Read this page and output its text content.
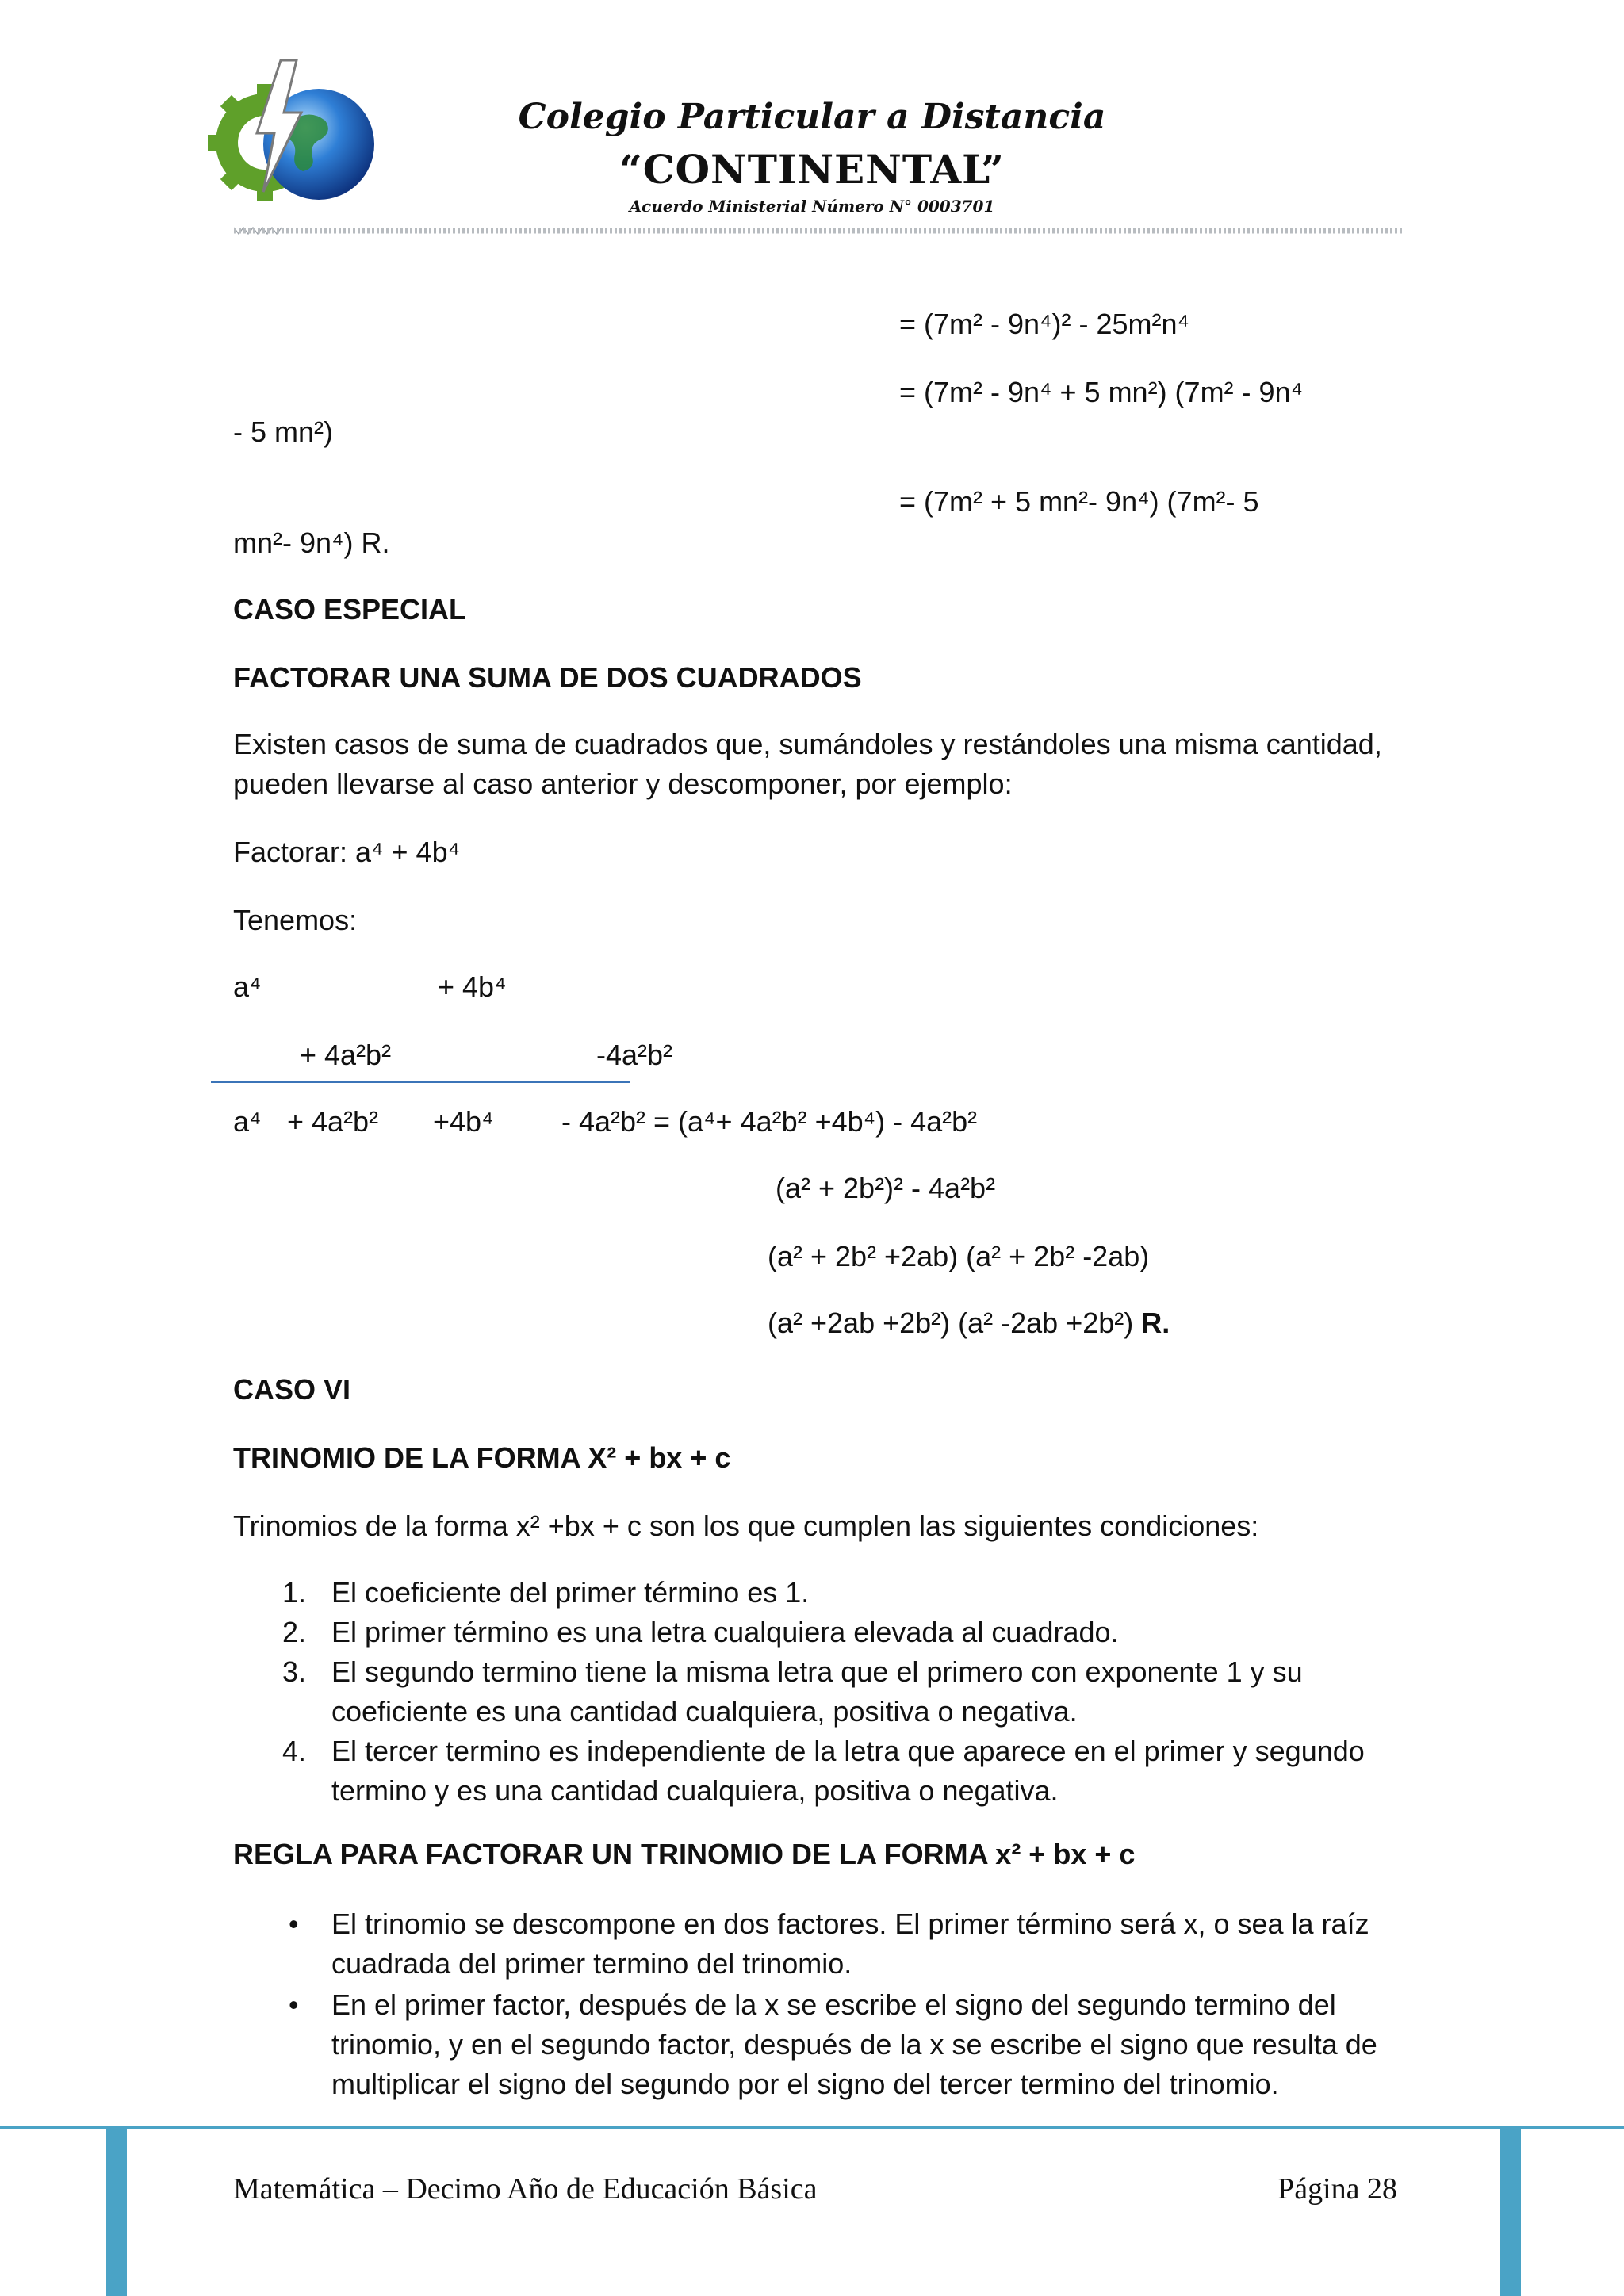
Colegio Particular a Distancia
“CONTINENTAL”
Acuerdo Ministerial Número N° 0003701
= (7m² - 9n⁴)² - 25m²n⁴
= (7m² - 9n⁴ + 5 mn²) (7m² - 9n⁴
- 5 mn²)
= (7m² + 5 mn²- 9n⁴) (7m²- 5
mn²- 9n⁴) R.
CASO ESPECIAL
FACTORAR UNA SUMA DE DOS CUADRADOS
Existen casos de suma de cuadrados que, sumándoles y restándoles una misma cantidad, pueden llevarse al caso anterior y descomponer, por ejemplo:
Factorar: a⁴ + 4b⁴
Tenemos:
a⁴	+ 4b⁴
+ 4a²b²	-4a²b²
a⁴ + 4a²b² +4b⁴ - 4a²b² = (a⁴+ 4a²b² +4b⁴) - 4a²b²
(a² + 2b²)² - 4a²b²
(a² + 2b² +2ab) (a² + 2b² -2ab)
(a² +2ab +2b²) (a² -2ab +2b²) R.
CASO VI
TRINOMIO DE LA FORMA X² + bx + c
Trinomios de la forma x² +bx + c son los que cumplen las siguientes condiciones:
1. El coeficiente del primer término es 1.
2. El primer término es una letra cualquiera elevada al cuadrado.
3. El segundo termino tiene la misma letra que el primero con exponente 1 y su coeficiente es una cantidad cualquiera, positiva o negativa.
4. El tercer termino es independiente de la letra que aparece en el primer y segundo termino y es una cantidad cualquiera, positiva o negativa.
REGLA PARA FACTORAR UN TRINOMIO DE LA FORMA x² + bx + c
• El trinomio se descompone en dos factores. El primer término será x, o sea la raíz cuadrada del primer termino del trinomio.
• En el primer factor, después de la x se escribe el signo del segundo termino del trinomio, y en el segundo factor, después de la x se escribe el signo que resulta de multiplicar el signo del segundo por el signo del tercer termino del trinomio.
Matemática – Decimo Año de Educación Básica	Página 28
